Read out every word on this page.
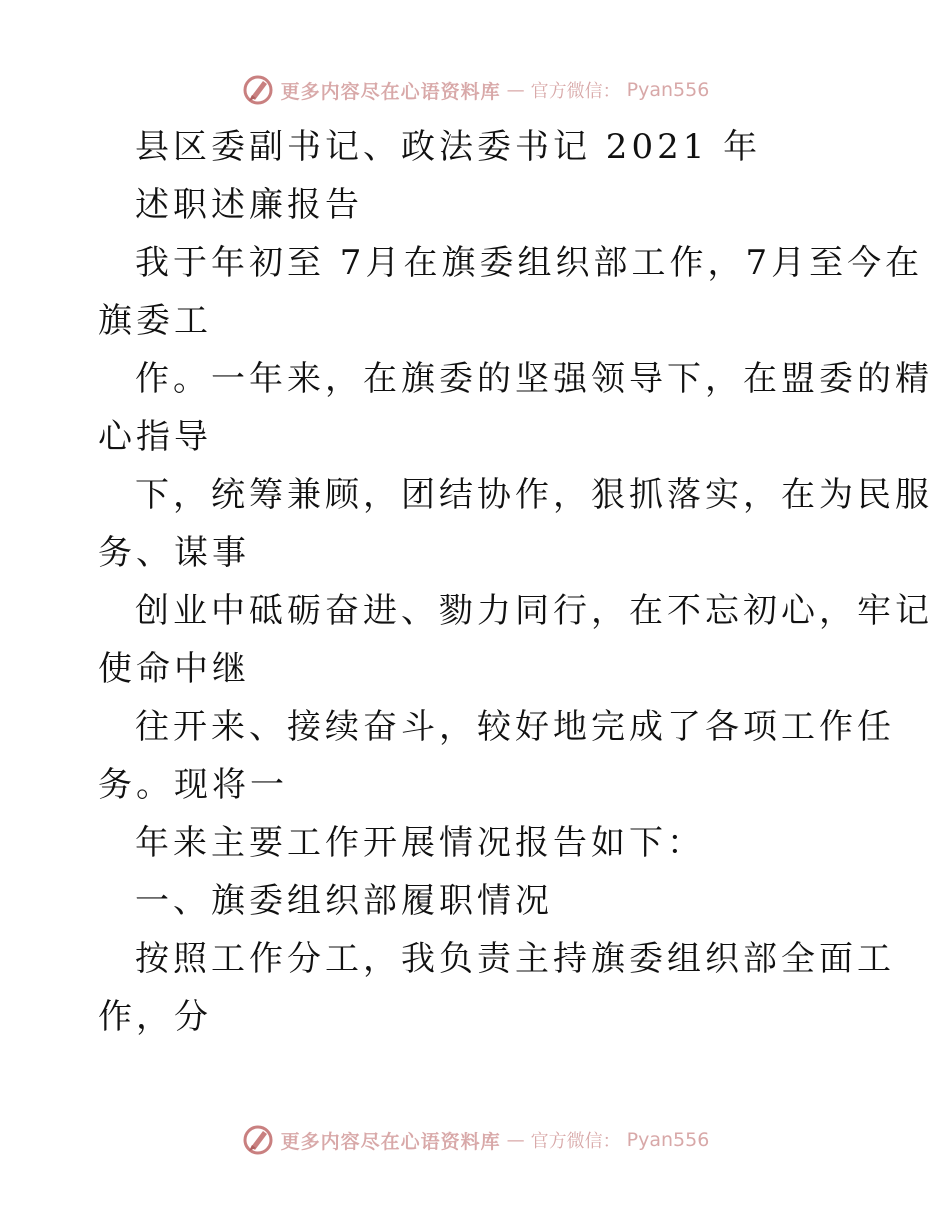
更多内容尽在心语资料库 — 官方微信： Pyan556
县区委副书记、政法委书记 2021 年
述职述廉报告
我于年初至 7月在旗委组织部工作，7月至今在
旗委工
作。一年来，在旗委的坚强领导下，在盟委的精
心指导
下，统筹兼顾，团结协作，狠抓落实，在为民服
务、谋事
创业中砥砺奋进、勠力同行，在不忘初心，牢记
使命中继
往开来、接续奋斗，较好地完成了各项工作任
务。现将一
年来主要工作开展情况报告如下：
一、旗委组织部履职情况
按照工作分工，我负责主持旗委组织部全面工
作，分
更多内容尽在心语资料库 — 官方微信： Pyan556
